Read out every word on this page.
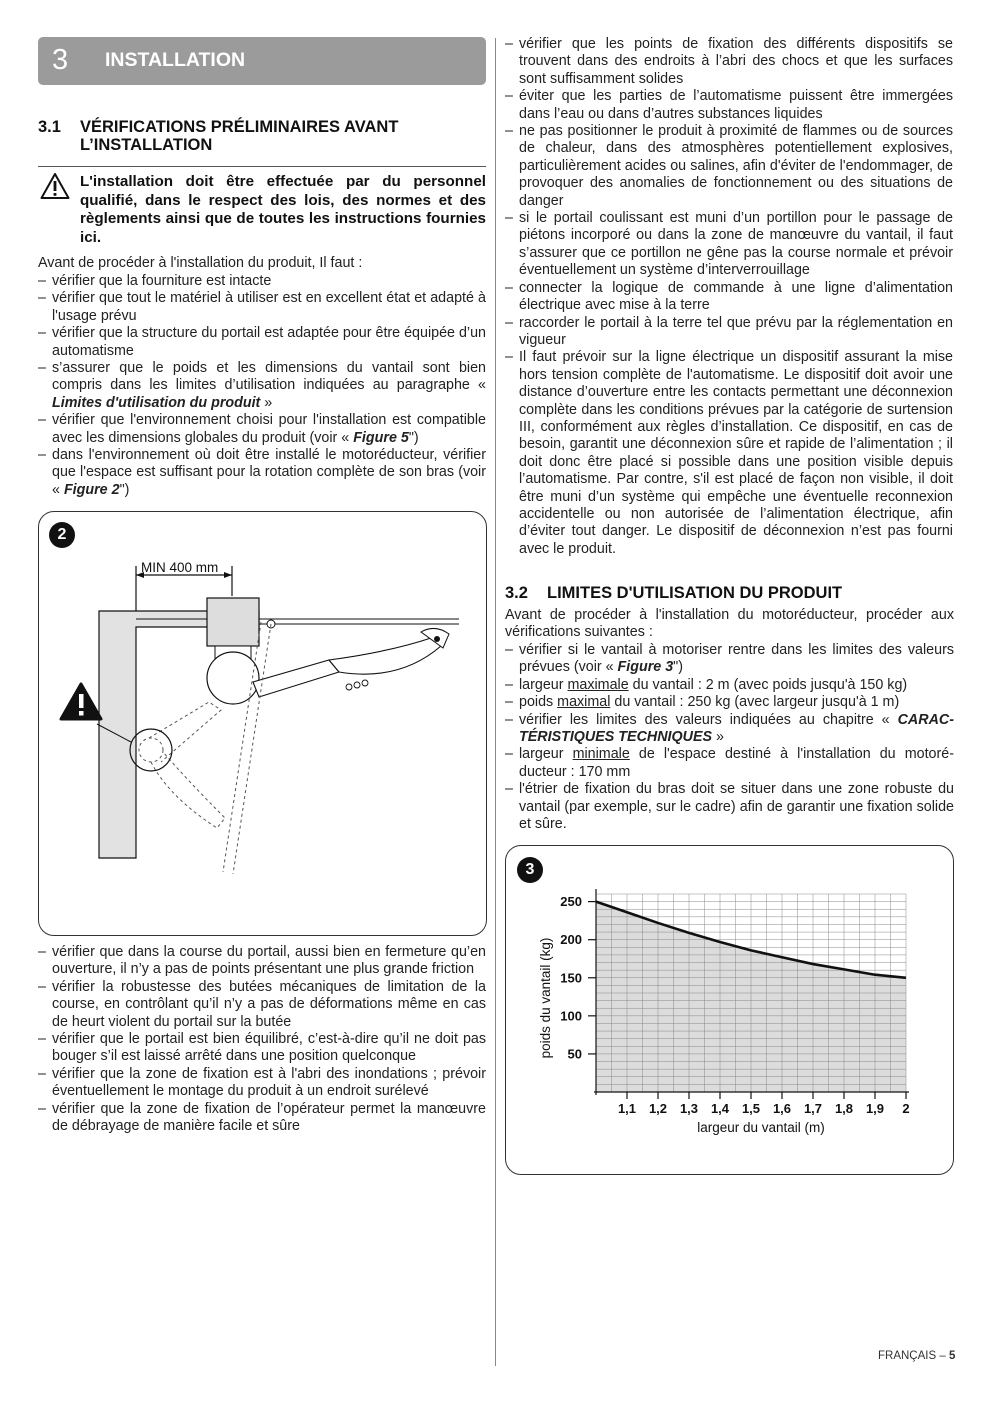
3 INSTALLATION
3.1 VÉRIFICATIONS PRÉLIMINAIRES AVANT
L’INSTALLATION
L'installation doit être effectuée par du personnel qualifié, dans le respect des lois, des normes et des règlements ainsi que de toutes les instructions fournies ici.
Avant de procéder à l'installation du produit, Il faut :
– vérifier que la fourniture est intacte
– vérifier que tout le matériel à utiliser est en excellent état et adapté à l'usage prévu
– vérifier que la structure du portail est adaptée pour être équipée d’un automatisme
– s’assurer que le poids et les dimensions du vantail sont bien compris dans les limites d’utilisation indiquées au paragraphe « Limites d'utilisation du produit »
– vérifier que l'environnement choisi pour l'installation est compatible avec les dimensions globales du produit (voir « Figure 5")
– dans l'environnement où doit être installé le motoréducteur, vérifier que l'espace est suffisant pour la rotation complète de son bras (voir « Figure 2")
2
MIN 400 mm
– vérifier que dans la course du portail, aussi bien en fermeture qu’en ouverture, il n’y a pas de points présentant une plus grande friction
– vérifier la robustesse des butées mécaniques de limitation de la course, en contrôlant qu’il n’y a pas de déformations même en cas de heurt violent du portail sur la butée
– vérifier que le portail est bien équilibré, c’est-à-dire qu’il ne doit pas bouger s’il est laissé arrêté dans une position quelconque
– vérifier que la zone de fixation est à l'abri des inondations ; prévoir éventuellement le montage du produit à un endroit surélevé
– vérifier que la zone de fixation de l’opérateur permet la manœuvre de débrayage de manière facile et sûre
– vérifier que les points de fixation des différents dispositifs se trouvent dans des endroits à l’abri des chocs et que les surfaces sont suffisamment solides
– éviter que les parties de l’automatisme puissent être immergées dans l’eau ou dans d’autres substances liquides
– ne pas positionner le produit à proximité de flammes ou de sources de chaleur, dans des atmosphères potentiellement explosives, particulièrement acides ou salines, afin d'éviter de l'endommager, de provoquer des anomalies de fonctionnement ou des situations de danger
– si le portail coulissant est muni d’un portillon pour le passage de piétons incorporé ou dans la zone de manœuvre du vantail, il faut s’assurer que ce portillon ne gêne pas la course normale et prévoir éventuellement un système d’interverrouillage
– connecter la logique de commande à une ligne d’alimentation électrique avec mise à la terre
– raccorder le portail à la terre tel que prévu par la réglementation en vigueur
– Il faut prévoir sur la ligne électrique un dispositif assurant la mise hors tension complète de l'automatisme. Le dispositif doit avoir une distance d’ouverture entre les contacts permettant une déconnexion complète dans les conditions prévues par la catégorie de surtension III, conformément aux règles d’installation. Ce dispositif, en cas de besoin, garantit une déconnexion sûre et rapide de l’alimentation ; il doit donc être placé si possible dans une position visible depuis l’automatisme. Par contre, s'il est placé de façon non visible, il doit être muni d’un système qui empêche une éventuelle reconnexion accidentelle ou non autorisée de l’alimentation électrique, afin d’éviter tout danger. Le dispositif de déconnexion n’est pas fourni avec le produit.
3.2 LIMITES D'UTILISATION DU PRODUIT
Avant de procéder à l'installation du motoréducteur, procéder aux vérifications suivantes :
– vérifier si le vantail à motoriser rentre dans les limites des valeurs prévues (voir « Figure 3")
– largeur maximale du vantail : 2 m (avec poids jusqu'à 150 kg)
– poids maximal du vantail : 250 kg (avec largeur jusqu'à 1 m)
– vérifier les limites des valeurs indiquées au chapitre « CARACTÉRISTIQUES TECHNIQUES »
– largeur minimale de l'espace destiné à l'installation du motoréducteur : 170 mm
– l'étrier de fixation du bras doit se situer dans une zone robuste du vantail (par exemple, sur le cadre) afin de garantir une fixation solide et sûre.
3
50
100
150
200
250
1,1 1,2 1,3 1,4 1,5 1,6 1,7 1,8 1,9 2
largeur du vantail (m)
poids du vantail (kg)
FRANÇAIS – 5
